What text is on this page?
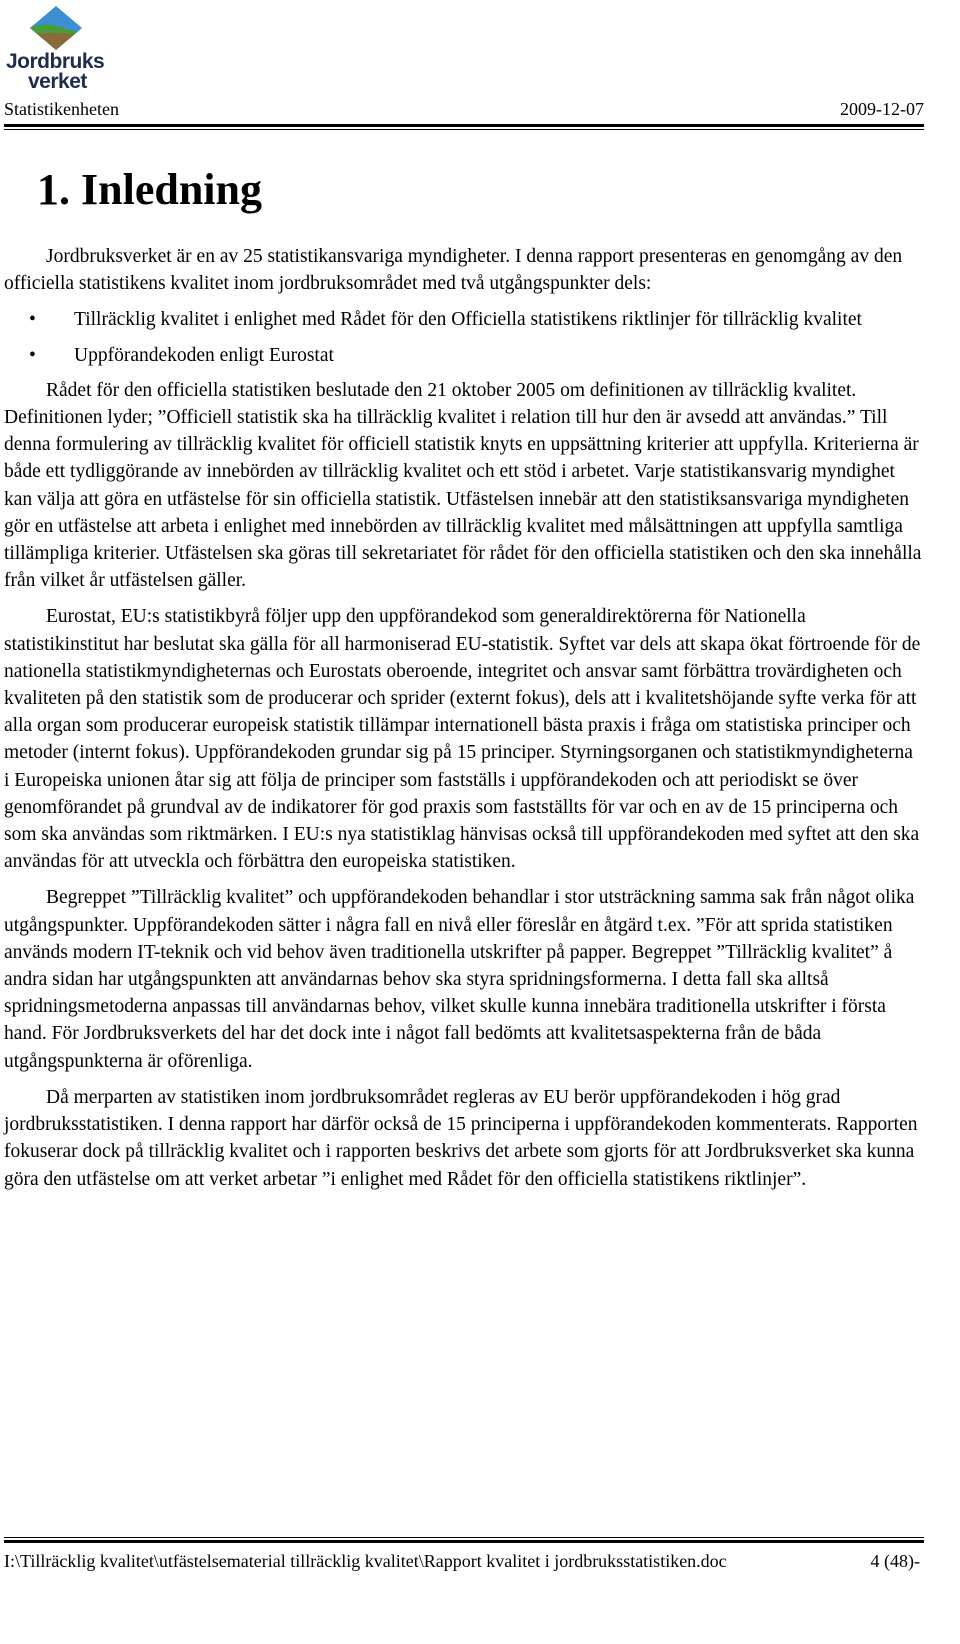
Jordbruks
verket
Statistikenheten	2009-12-07
1. Inledning

Jordbruksverket är en av 25 statistikansvariga myndigheter. I denna rapport presenteras en genomgång av den officiella statistikens kvalitet inom jordbruksområdet med två utgångspunkter dels:

• Tillräcklig kvalitet i enlighet med Rådet för den Officiella statistikens riktlinjer för tillräcklig kvalitet
• Uppförandekoden enligt Eurostat

Rådet för den officiella statistiken beslutade den 21 oktober 2005 om definitionen av tillräcklig kvalitet. Definitionen lyder; ”Officiell statistik ska ha tillräcklig kvalitet i relation till hur den är avsedd att användas.” Till denna formulering av tillräcklig kvalitet för officiell statistik knyts en uppsättning kriterier att uppfylla. Kriterierna är både ett tydliggörande av innebörden av tillräcklig kvalitet och ett stöd i arbetet. Varje statistikansvarig myndighet kan välja att göra en utfästelse för sin officiella statistik. Utfästelsen innebär att den statistiksansvariga myndigheten gör en utfästelse att arbeta i enlighet med innebörden av tillräcklig kvalitet med målsättningen att uppfylla samtliga tillämpliga kriterier. Utfästelsen ska göras till sekretariatet för rådet för den officiella statistiken och den ska innehålla från vilket år utfästelsen gäller.

Eurostat, EU:s statistikbyrå följer upp den uppförandekod som generaldirektörerna för Nationella statistikinstitut har beslutat ska gälla för all harmoniserad EU-statistik. Syftet var dels att skapa ökat förtroende för de nationella statistikmyndigheternas och Eurostats oberoende, integritet och ansvar samt förbättra trovärdigheten och kvaliteten på den statistik som de producerar och sprider (externt fokus), dels att i kvalitetshöjande syfte verka för att alla organ som producerar europeisk statistik tillämpar internationell bästa praxis i fråga om statistiska principer och metoder (internt fokus). Uppförandekoden grundar sig på 15 principer. Styrningsorganen och statistikmyndigheterna i Europeiska unionen åtar sig att följa de principer som fastställs i uppförandekoden och att periodiskt se över genomförandet på grundval av de indikatorer för god praxis som fastställts för var och en av de 15 principerna och som ska användas som riktmärken. I EU:s nya statistiklag hänvisas också till uppförandekoden med syftet att den ska användas för att utveckla och förbättra den europeiska statistiken.

Begreppet ”Tillräcklig kvalitet” och uppförandekoden behandlar i stor utsträckning samma sak från något olika utgångspunkter. Uppförandekoden sätter i några fall en nivå eller föreslår en åtgärd t.ex. ”För att sprida statistiken används modern IT-teknik och vid behov även traditionella utskrifter på papper. Begreppet ”Tillräcklig kvalitet” å andra sidan har utgångspunkten att användarnas behov ska styra spridningsformerna. I detta fall ska alltså spridningsmetoderna anpassas till användarnas behov, vilket skulle kunna innebära traditionella utskrifter i första hand. För Jordbruksverkets del har det dock inte i något fall bedömts att kvalitetsaspekterna från de båda utgångspunkterna är oförenliga.

Då merparten av statistiken inom jordbruksområdet regleras av EU berör uppförandekoden i hög grad jordbruksstatistiken. I denna rapport har därför också de 15 principerna i uppförandekoden kommenterats. Rapporten fokuserar dock på tillräcklig kvalitet och i rapporten beskrivs det arbete som gjorts för att Jordbruksverket ska kunna göra den utfästelse om att verket arbetar ”i enlighet med Rådet för den officiella statistikens riktlinjer”.

I:\Tillräcklig kvalitet\utfästelsematerial tillräcklig kvalitet\Rapport kvalitet i jordbruksstatistiken.doc	4 (48)-
